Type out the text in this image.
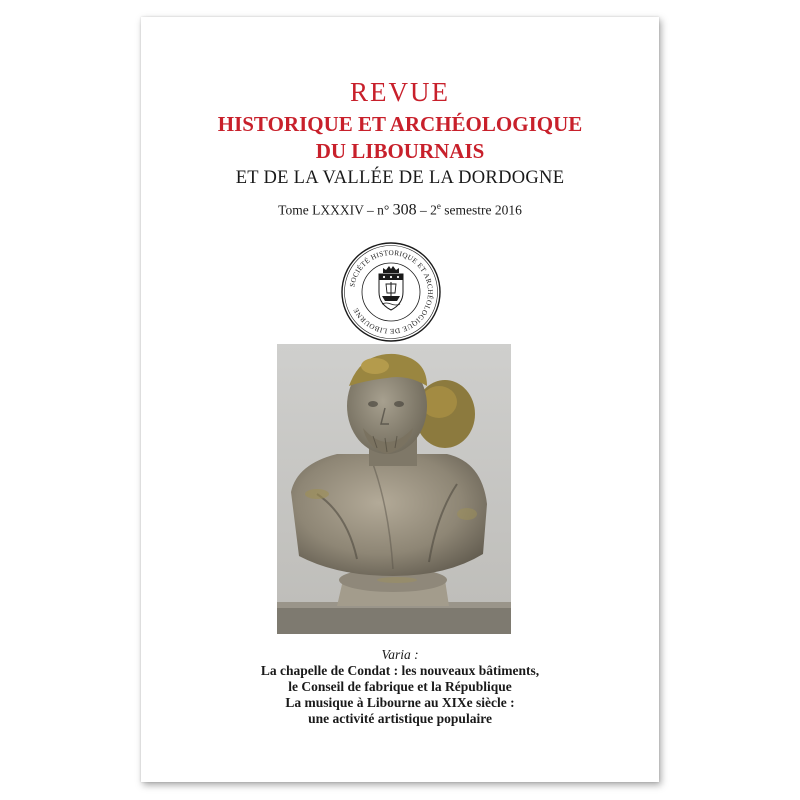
REVUE
HISTORIQUE ET ARCHÉOLOGIQUE
DU LIBOURNAIS
ET DE LA VALLÉE DE LA DORDOGNE
Tome LXXXIV – n° 308 – 2e semestre 2016
SOCIÉTÉ HISTORIQUE ET ARCHÉOLOGIQUE DE LIBOURNE
Varia :
La chapelle de Condat : les nouveaux bâtiments,
le Conseil de fabrique et la République
La musique à Libourne au XIXe siècle :
une activité artistique populaire
